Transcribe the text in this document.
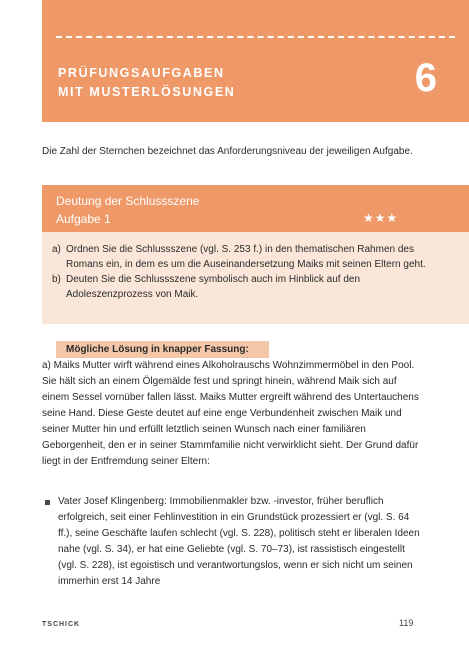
PRÜFUNGSAUFGABEN
MIT MUSTERLÖSUNGEN	6
Die Zahl der Sternchen bezeichnet das Anforderungsniveau der jeweiligen Aufgabe.
Deutung der Schlussszene
Aufgabe 1	★★★
a) Ordnen Sie die Schlussszene (vgl. S. 253 f.) in den thematischen Rahmen des Romans ein, in dem es um die Auseinandersetzung Maiks mit seinen Eltern geht.
b) Deuten Sie die Schlussszene symbolisch auch im Hinblick auf den Adoleszenzprozess von Maik.
Mögliche Lösung in knapper Fassung:
a) Maiks Mutter wirft während eines Alkoholrauschs Wohnzimmermöbel in den Pool. Sie hält sich an einem Ölgemälde fest und springt hinein, während Maik sich auf einem Sessel vornüber fallen lässt. Maiks Mutter ergreift während des Untertauchens seine Hand. Diese Geste deutet auf eine enge Verbundenheit zwischen Maik und seiner Mutter hin und erfüllt letztlich seinen Wunsch nach einer familiären Geborgenheit, den er in seiner Stammfamilie nicht verwirklicht sieht. Der Grund dafür liegt in der Entfremdung seiner Eltern:
Vater Josef Klingenberg: Immobilienmakler bzw. -investor, früher beruflich erfolgreich, seit einer Fehlinvestition in ein Grundstück prozessiert er (vgl. S. 64 ff.), seine Geschäfte laufen schlecht (vgl. S. 228), politisch steht er liberalen Ideen nahe (vgl. S. 34), er hat eine Geliebte (vgl. S. 70–73), ist rassistisch eingestellt (vgl. S. 228), ist egoistisch und verantwortungslos, wenn er sich nicht um seinen immerhin erst 14 Jahre
TSCHICK	119
